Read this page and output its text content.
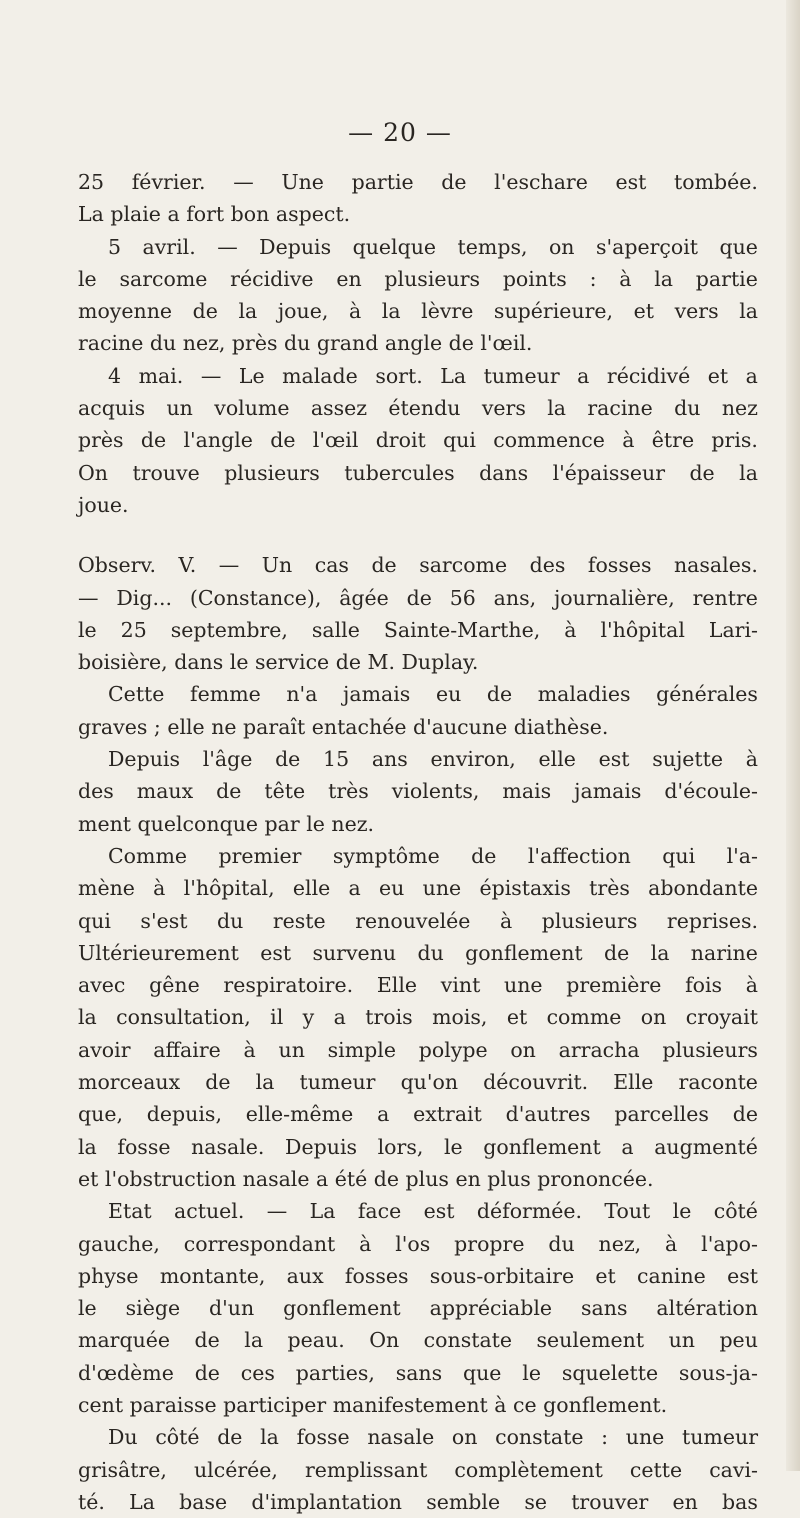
— 20 —
25 février. — Une partie de l'eschare est tombée.
La plaie a fort bon aspect.
5 avril. — Depuis quelque temps, on s'aperçoit que
le sarcome récidive en plusieurs points : à la partie
moyenne de la joue, à la lèvre supérieure, et vers la
racine du nez, près du grand angle de l'œil.
4 mai. — Le malade sort. La tumeur a récidivé et a
acquis un volume assez étendu vers la racine du nez
près de l'angle de l'œil droit qui commence à être pris.
On trouve plusieurs tubercules dans l'épaisseur de la
joue.
Observ. V. — Un cas de sarcome des fosses nasales.
— Dig... (Constance), âgée de 56 ans, journalière, rentre
le 25 septembre, salle Sainte-Marthe, à l'hôpital Lari-
boisière, dans le service de M. Duplay.
Cette femme n'a jamais eu de maladies générales
graves ; elle ne paraît entachée d'aucune diathèse.
Depuis l'âge de 15 ans environ, elle est sujette à
des maux de tête très violents, mais jamais d'écoule-
ment quelconque par le nez.
Comme premier symptôme de l'affection qui l'a-
mène à l'hôpital, elle a eu une épistaxis très abondante
qui s'est du reste renouvelée à plusieurs reprises.
Ultérieurement est survenu du gonflement de la narine
avec gêne respiratoire. Elle vint une première fois à
la consultation, il y a trois mois, et comme on croyait
avoir affaire à un simple polype on arracha plusieurs
morceaux de la tumeur qu'on découvrit. Elle raconte
que, depuis, elle-même a extrait d'autres parcelles de
la fosse nasale. Depuis lors, le gonflement a augmenté
et l'obstruction nasale a été de plus en plus prononcée.
Etat actuel. — La face est déformée. Tout le côté
gauche, correspondant à l'os propre du nez, à l'apo-
physe montante, aux fosses sous-orbitaire et canine est
le siège d'un gonflement appréciable sans altération
marquée de la peau. On constate seulement un peu
d'œdème de ces parties, sans que le squelette sous-ja-
cent paraisse participer manifestement à ce gonflement.
Du côté de la fosse nasale on constate : une tumeur
grisâtre, ulcérée, remplissant complètement cette cavi-
té. La base d'implantation semble se trouver en bas
